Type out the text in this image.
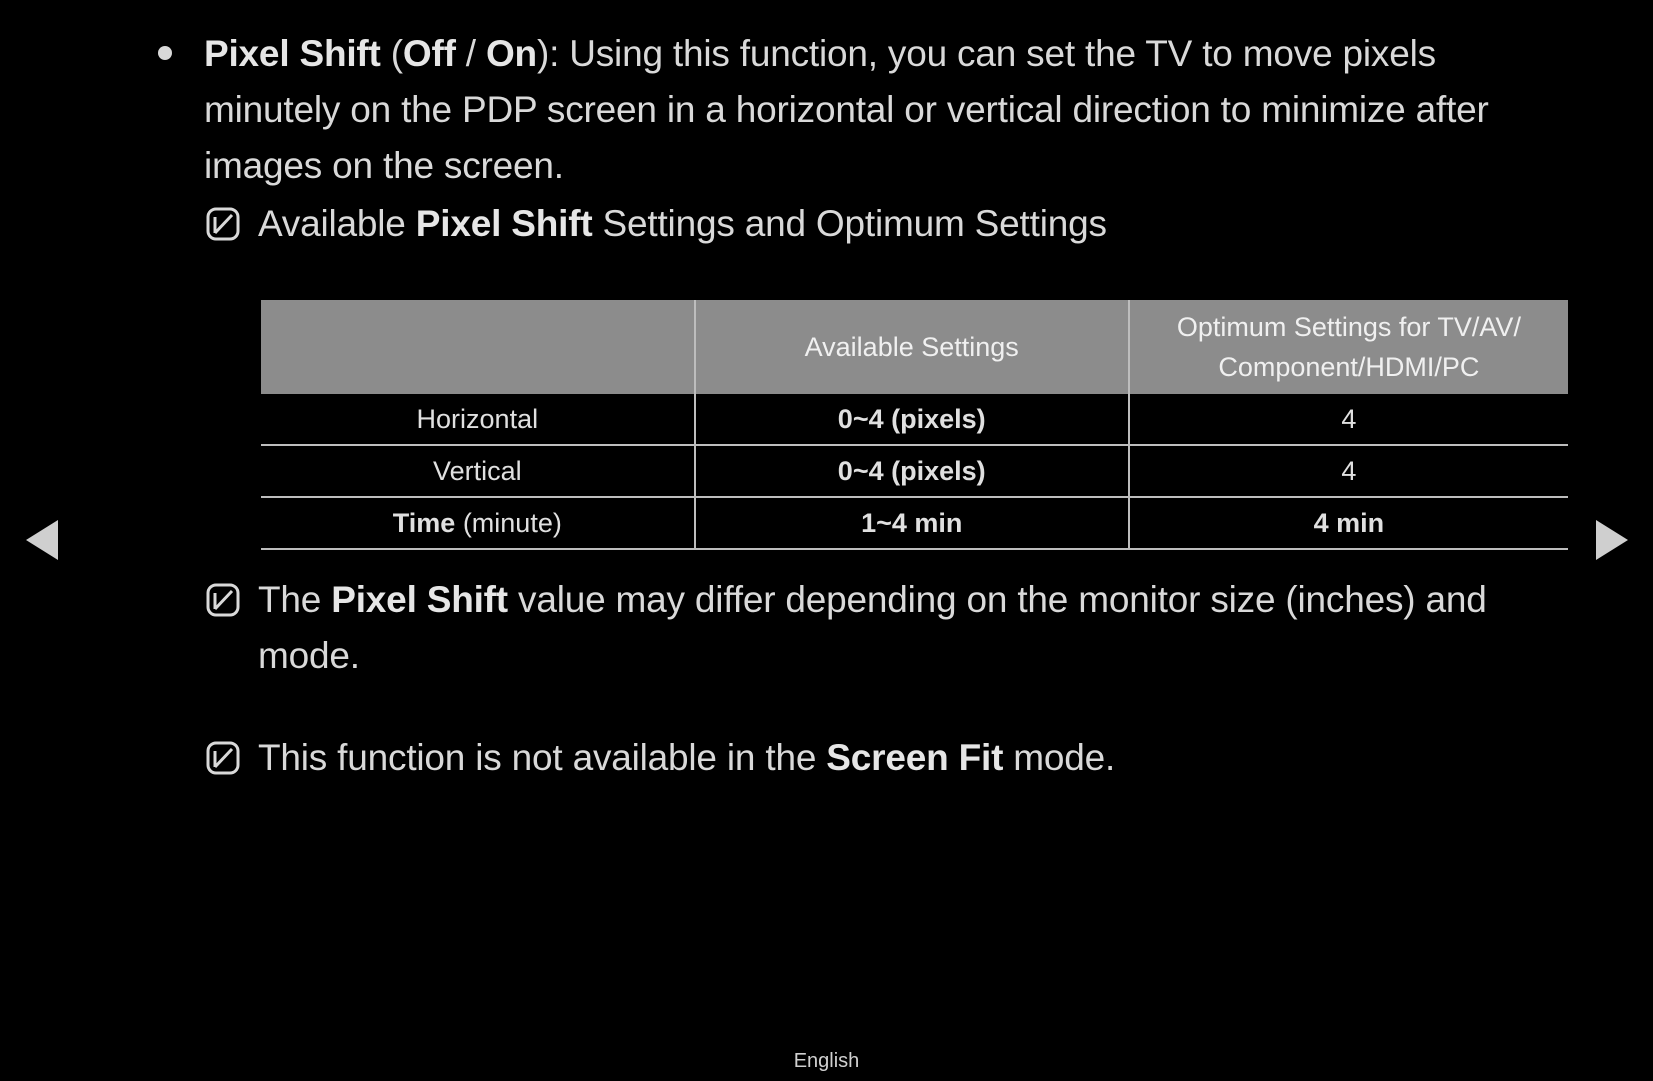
Pixel Shift (Off / On): Using this function, you can set the TV to move pixels minutely on the PDP screen in a horizontal or vertical direction to minimize after images on the screen.
Available Pixel Shift Settings and Optimum Settings
	Available Settings	Optimum Settings for TV/AV/ Component/HDMI/PC
Horizontal	0~4 (pixels)	4
Vertical	0~4 (pixels)	4
Time (minute)	1~4 min	4 min
The Pixel Shift value may differ depending on the monitor size (inches) and mode.
This function is not available in the Screen Fit mode.
English
